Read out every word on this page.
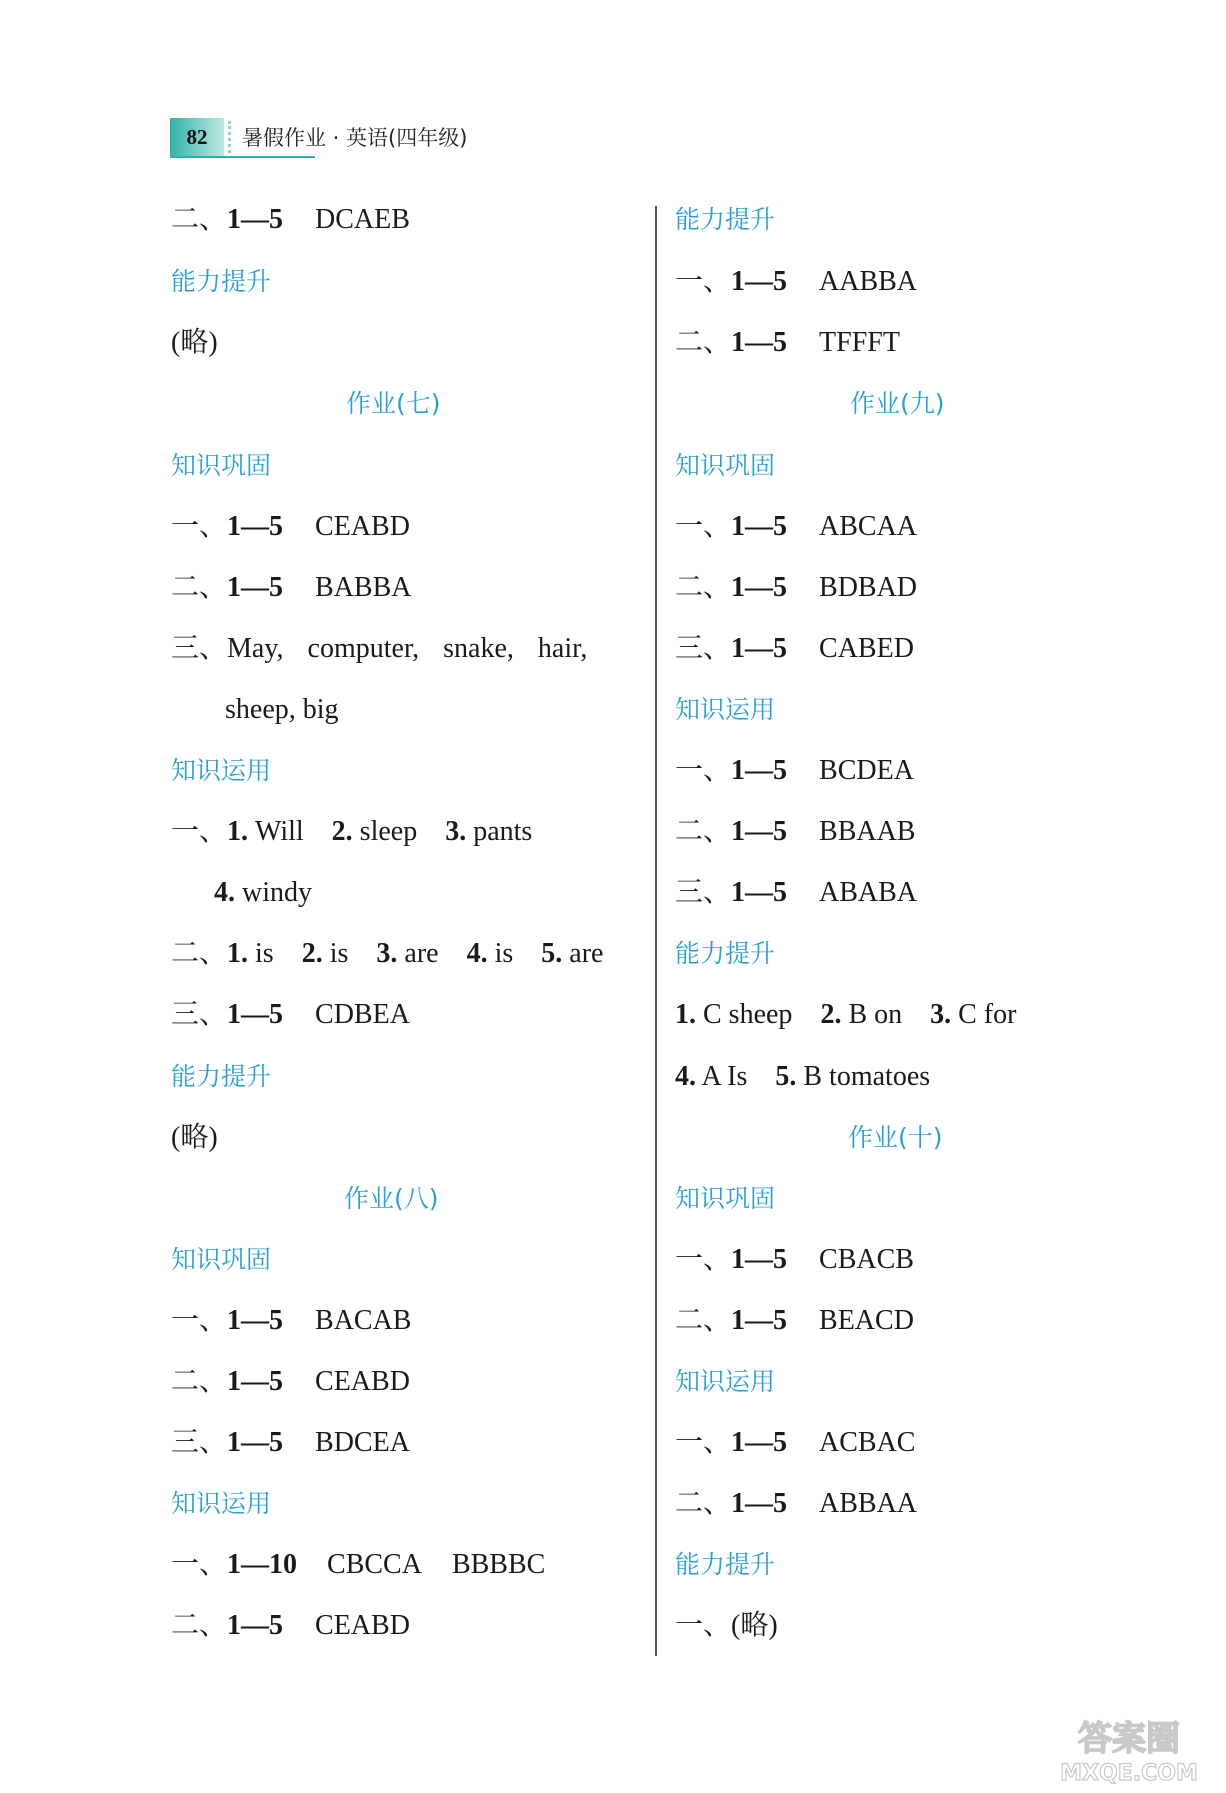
82	暑假作业 · 英语(四年级)
二、1—5 DCAEB
能力提升
(略)
作业(七)
知识巩固
一、1—5 CEABD
二、1—5 BABBA
三、May, computer, snake, hair,
sheep, big
知识运用
一、1. Will 2. sleep 3. pants
4. windy
二、1. is 2. is 3. are 4. is 5. are
三、1—5 CDBEA
能力提升
(略)
作业(八)
知识巩固
一、1—5 BACAB
二、1—5 CEABD
三、1—5 BDCEA
知识运用
一、1—10 CBCCA BBBBC
二、1—5 CEABD
能力提升
一、1—5 AABBA
二、1—5 TFFFT
作业(九)
知识巩固
一、1—5 ABCAA
二、1—5 BDBAD
三、1—5 CABED
知识运用
一、1—5 BCDEA
二、1—5 BBAAB
三、1—5 ABABA
能力提升
1. C sheep 2. B on 3. C for
4. A Is 5. B tomatoes
作业(十)
知识巩固
一、1—5 CBACB
二、1—5 BEACD
知识运用
一、1—5 ACBAC
二、1—5 ABBAA
能力提升
一、(略)
答案圈
MXQE.COM
